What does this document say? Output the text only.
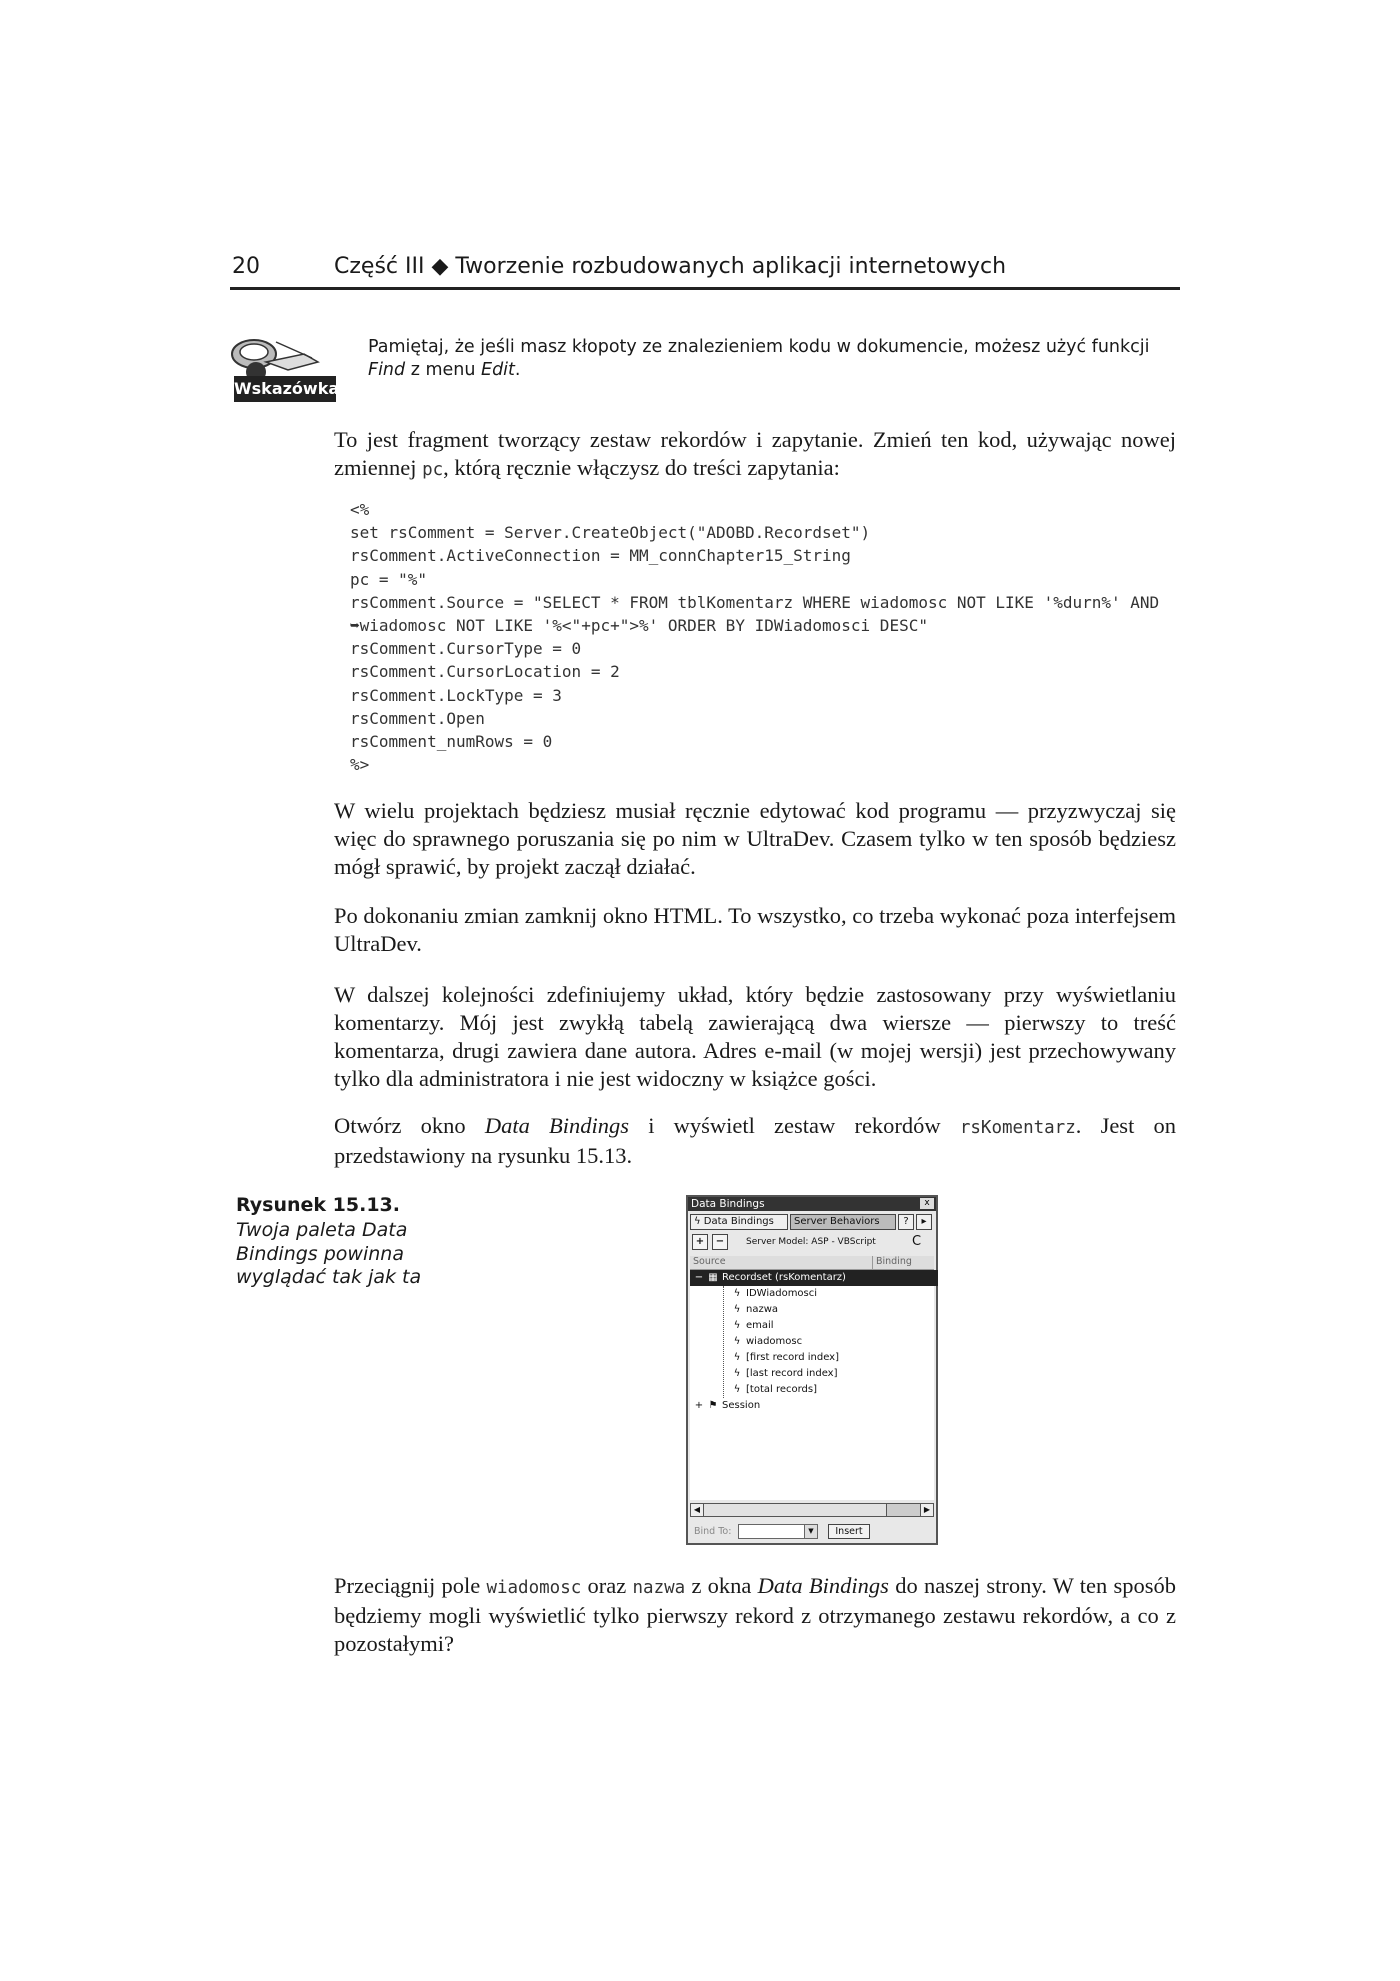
20	Część III ◆ Tworzenie rozbudowanych aplikacji internetowych
Wskazówka
Pamiętaj, że jeśli masz kłopoty ze znalezieniem kodu w dokumencie, możesz użyć funkcji Find z menu Edit.
To jest fragment tworzący zestaw rekordów i zapytanie. Zmień ten kod, używając nowej zmiennej pc, którą ręcznie włączysz do treści zapytania:
<%
set rsComment = Server.CreateObject("ADOBD.Recordset")
rsComment.ActiveConnection = MM_connChapter15_String
pc = "%"
rsComment.Source = "SELECT * FROM tblKomentarz WHERE wiadomosc NOT LIKE '%durn%' AND
➥wiadomosc NOT LIKE '%<"+pc+">%' ORDER BY IDWiadomosci DESC"
rsComment.CursorType = 0
rsComment.CursorLocation = 2
rsComment.LockType = 3
rsComment.Open
rsComment_numRows = 0
%>
W wielu projektach będziesz musiał ręcznie edytować kod programu — przyzwyczaj się więc do sprawnego poruszania się po nim w UltraDev. Czasem tylko w ten sposób będziesz mógł sprawić, by projekt zaczął działać.
Po dokonaniu zmian zamknij okno HTML. To wszystko, co trzeba wykonać poza interfejsem UltraDev.
W dalszej kolejności zdefiniujemy układ, który będzie zastosowany przy wyświetlaniu komentarzy. Mój jest zwykłą tabelą zawierającą dwa wiersze — pierwszy to treść komentarza, drugi zawiera dane autora. Adres e-mail (w mojej wersji) jest przechowywany tylko dla administratora i nie jest widoczny w książce gości.
Otwórz okno Data Bindings i wyświetl zestaw rekordów rsKomentarz. Jest on przedstawiony na rysunku 15.13.
Rysunek 15.13.
Twoja paleta Data Bindings powinna wyglądać tak jak ta
Data Bindings	x
ϟ Data Bindings	Server Behaviors	?	▸
+	−	Server Model: ASP - VBScript	C
Source	Binding
− ▦ Recordset (rsKomentarz)
ϟ IDWiadomosci
ϟ nazwa
ϟ email
ϟ wiadomosc
ϟ [first record index]
ϟ [last record index]
ϟ [total records]
+ ⚑ Session
◀	▶
Bind To:	▼	Insert
Przeciągnij pole wiadomosc oraz nazwa z okna Data Bindings do naszej strony. W ten sposób będziemy mogli wyświetlić tylko pierwszy rekord z otrzymanego zestawu rekordów, a co z pozostałymi?
